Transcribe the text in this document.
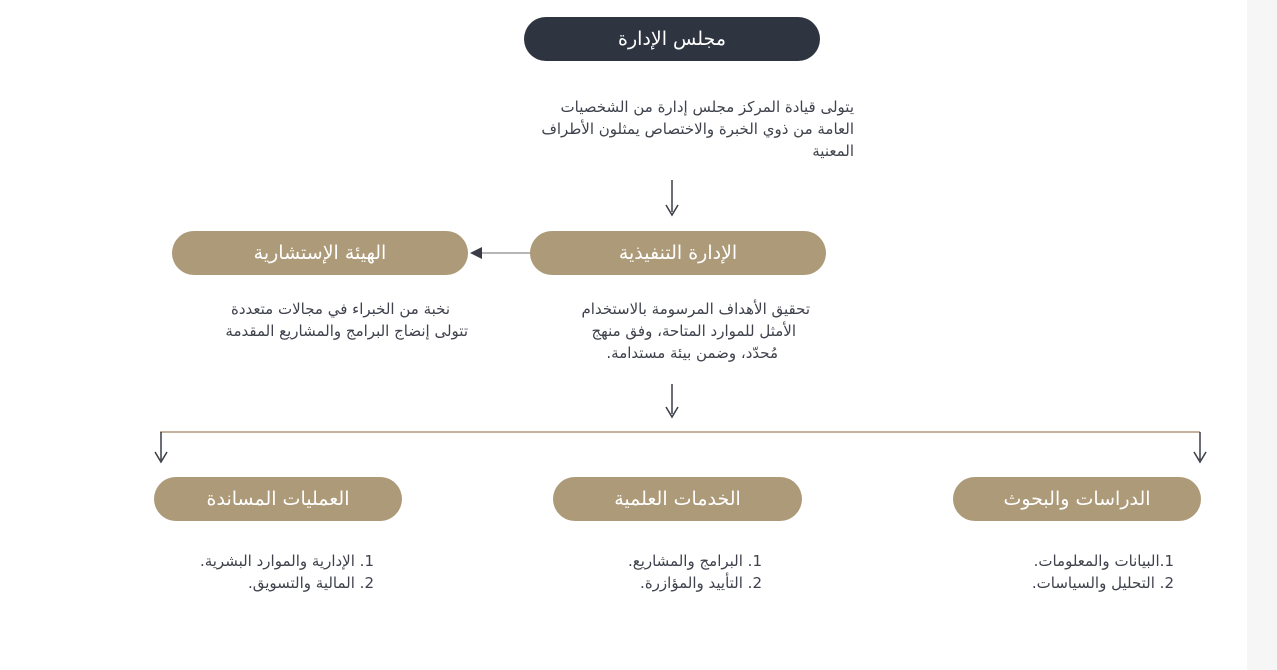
مجلس الإدارة
يتولى قيادة المركز مجلس إدارة من الشخصيات
العامة من ذوي الخبرة والاختصاص يمثلون الأطراف
المعنية
الإدارة التنفيذية
تحقيق الأهداف المرسومة بالاستخدام
الأمثل للموارد المتاحة، وفق منهج
مُحدّد، وضمن بيئة مستدامة.
الهيئة الإستشارية
نخبة من الخبراء في مجالات متعددة
تتولى إنضاج البرامج والمشاريع المقدمة
الدراسات والبحوث
1.البيانات والمعلومات.
2. التحليل والسياسات.
الخدمات العلمية
1. البرامج والمشاريع.
2. التأييد والمؤازرة.
العمليات المساندة
1. الإدارية والموارد البشرية.
2. المالية والتسويق.
